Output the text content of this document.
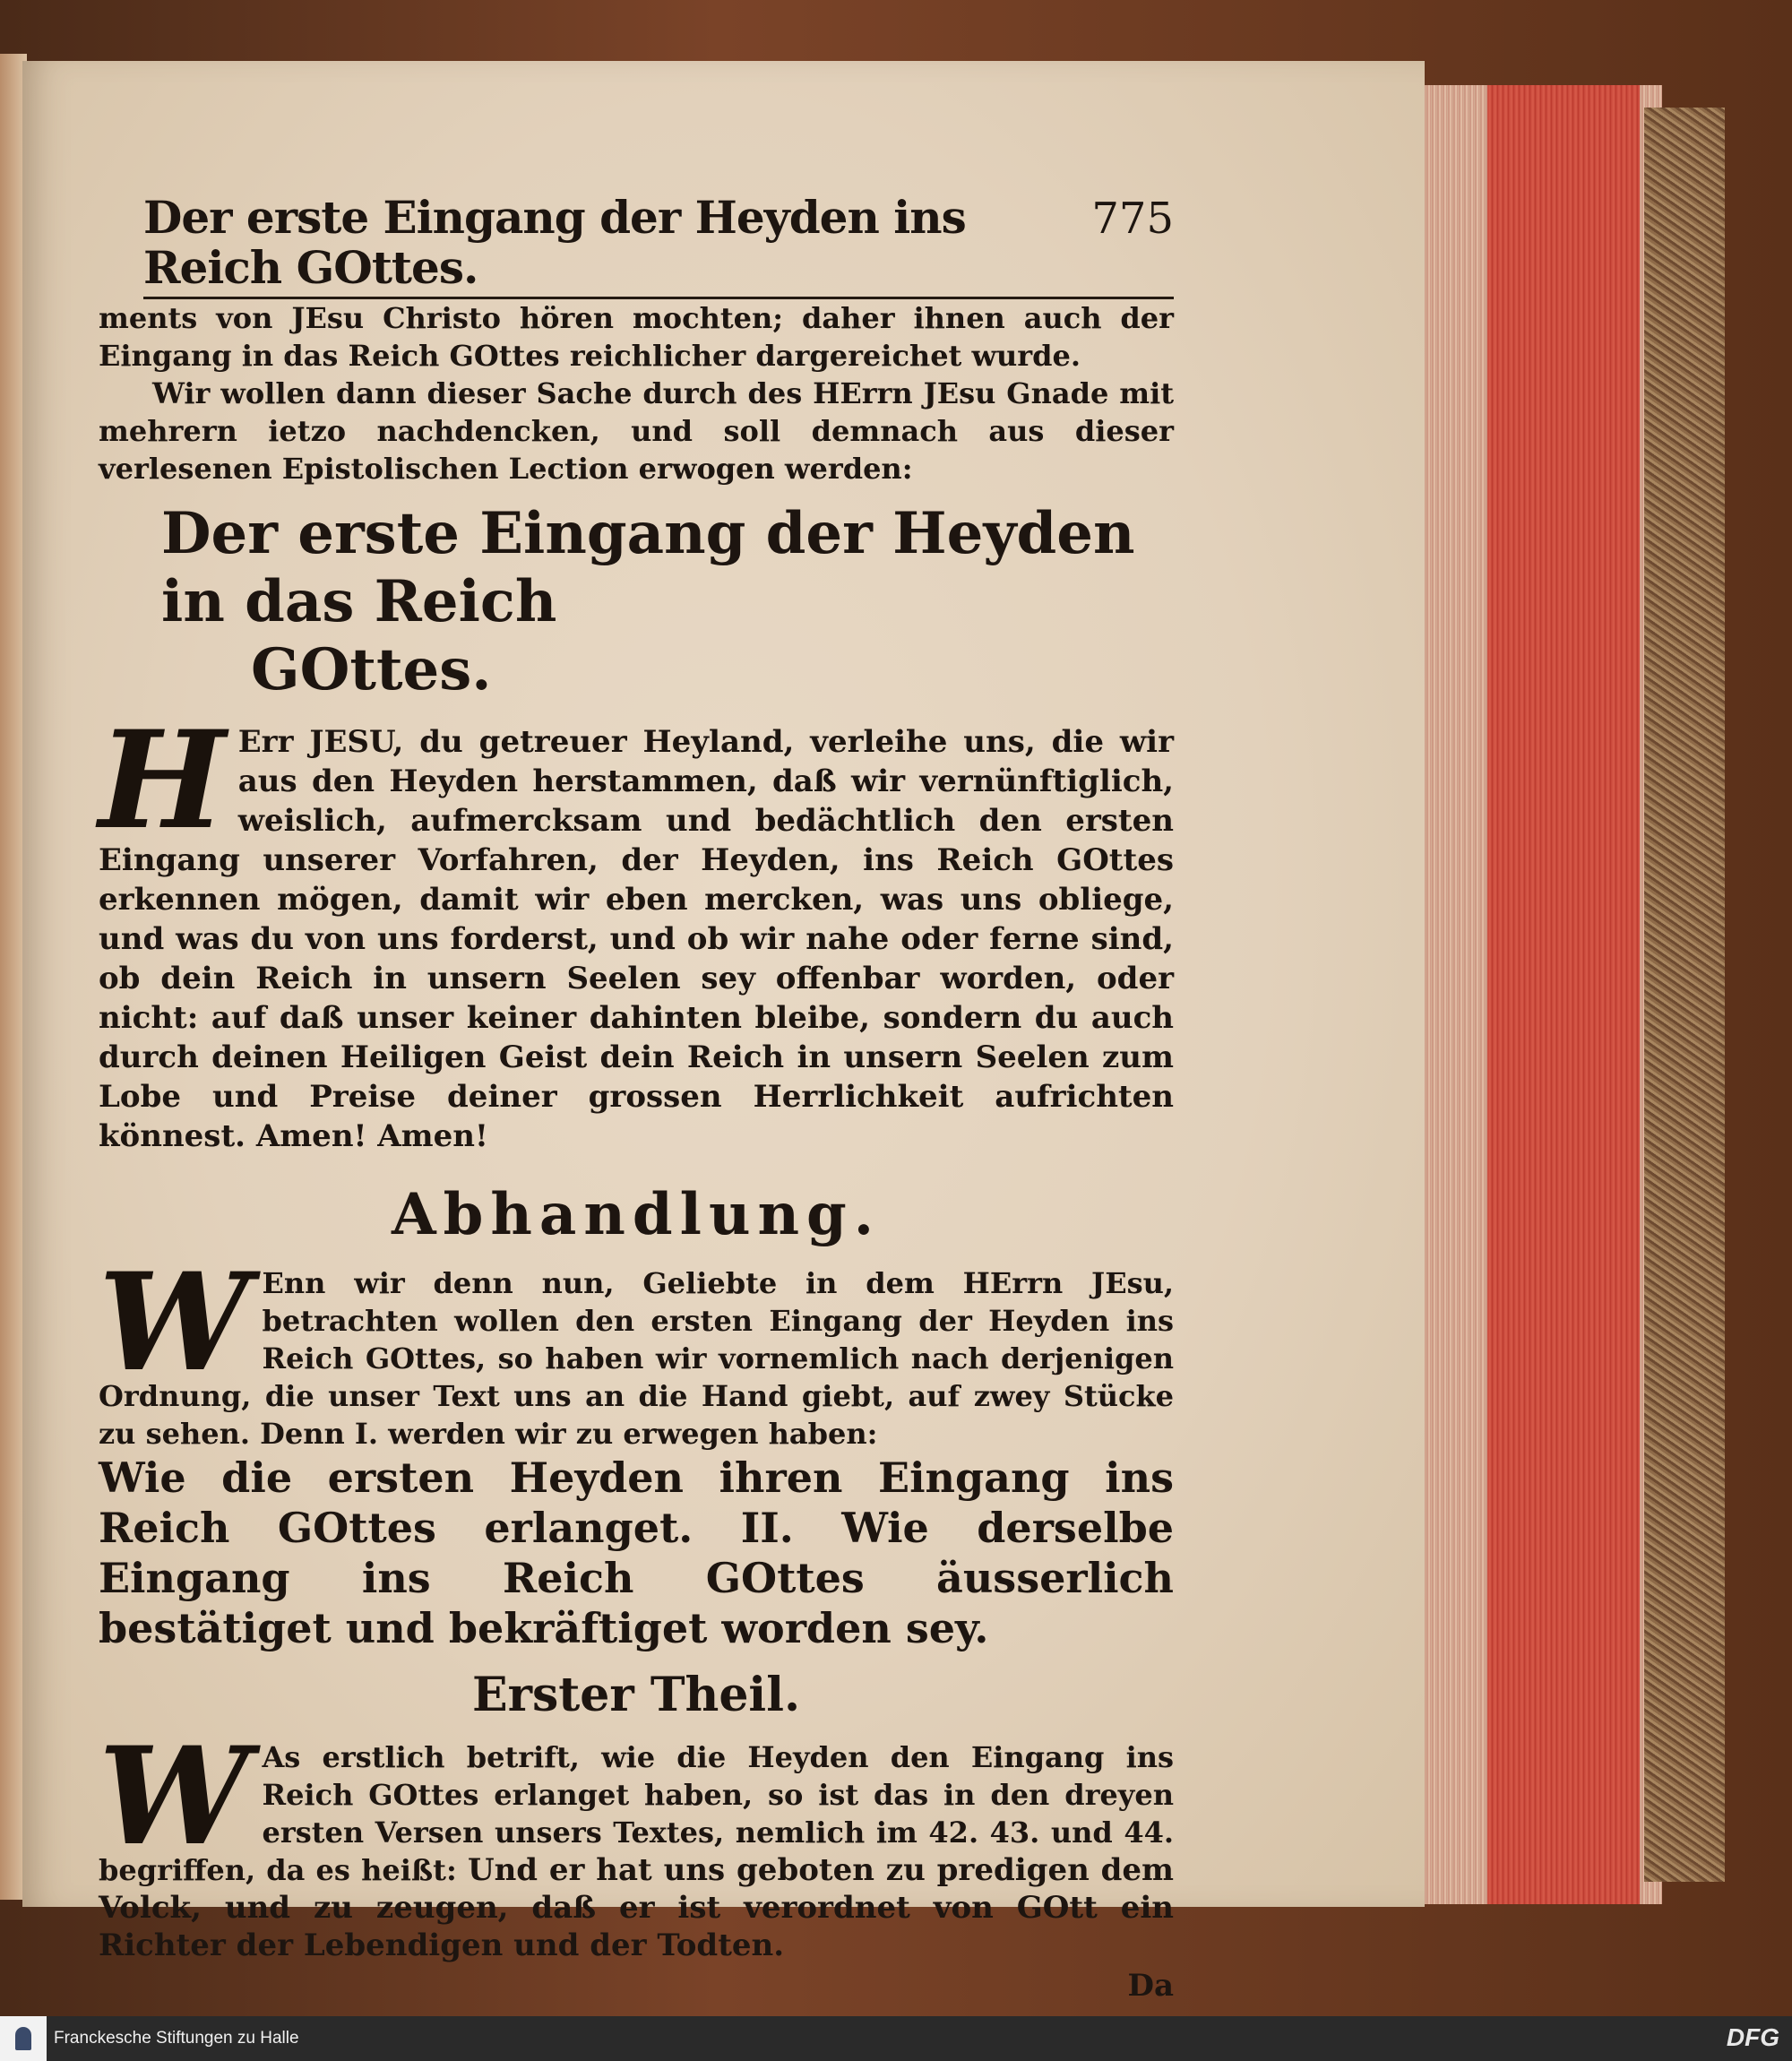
Der erste Eingang der Heyden ins Reich GOttes.
775

ments von JEsu Christo hören mochten; daher ihnen auch der Eingang in das Reich GOttes reichlicher dargereichet wurde.

Wir wollen dann dieser Sache durch des HErrn JEsu Gnade mit mehrern ietzo nachdencken, und soll demnach aus dieser verlesenen Epistolischen Lection erwogen werden:

Der erste Eingang der Heyden in das Reich
GOttes.

H Err JESU, du getreuer Heyland, verleihe uns, die wir aus den Heyden herstammen, daß wir vernünftiglich, weislich, aufmercksam und bedächtlich den ersten Eingang unserer Vorfahren, der Heyden, ins Reich GOttes erkennen mögen, damit wir eben mercken, was uns obliege, und was du von uns forderst, und ob wir nahe oder ferne sind, ob dein Reich in unsern Seelen sey offenbar worden, oder nicht: auf daß unser keiner dahinten bleibe, sondern du auch durch deinen Heiligen Geist dein Reich in unsern Seelen zum Lobe und Preise deiner grossen Herrlichkeit aufrichten könnest. Amen! Amen!

Abhandlung.

W Enn wir denn nun, Geliebte in dem HErrn JEsu, betrachten wollen den ersten Eingang der Heyden ins Reich GOttes, so haben wir vornemlich nach derjenigen Ordnung, die unser Text uns an die Hand giebt, auf zwey Stücke zu sehen. Denn I. werden wir zu erwegen haben:

Wie die ersten Heyden ihren Eingang ins Reich GOttes erlanget. II. Wie derselbe Eingang ins Reich GOttes äusserlich bestätiget und bekräftiget worden sey.

Erster Theil.

W As erstlich betrift, wie die Heyden den Eingang ins Reich GOttes erlanget haben, so ist das in den dreyen ersten Versen unsers Textes, nemlich im 42. 43. und 44. begriffen, da es heißt: Und er hat uns geboten zu predigen dem Volck, und zu zeugen, daß er ist verordnet von GOtt ein Richter der Lebendigen und der Todten.

Da
Franckesche Stiftungen zu Halle	DFG
